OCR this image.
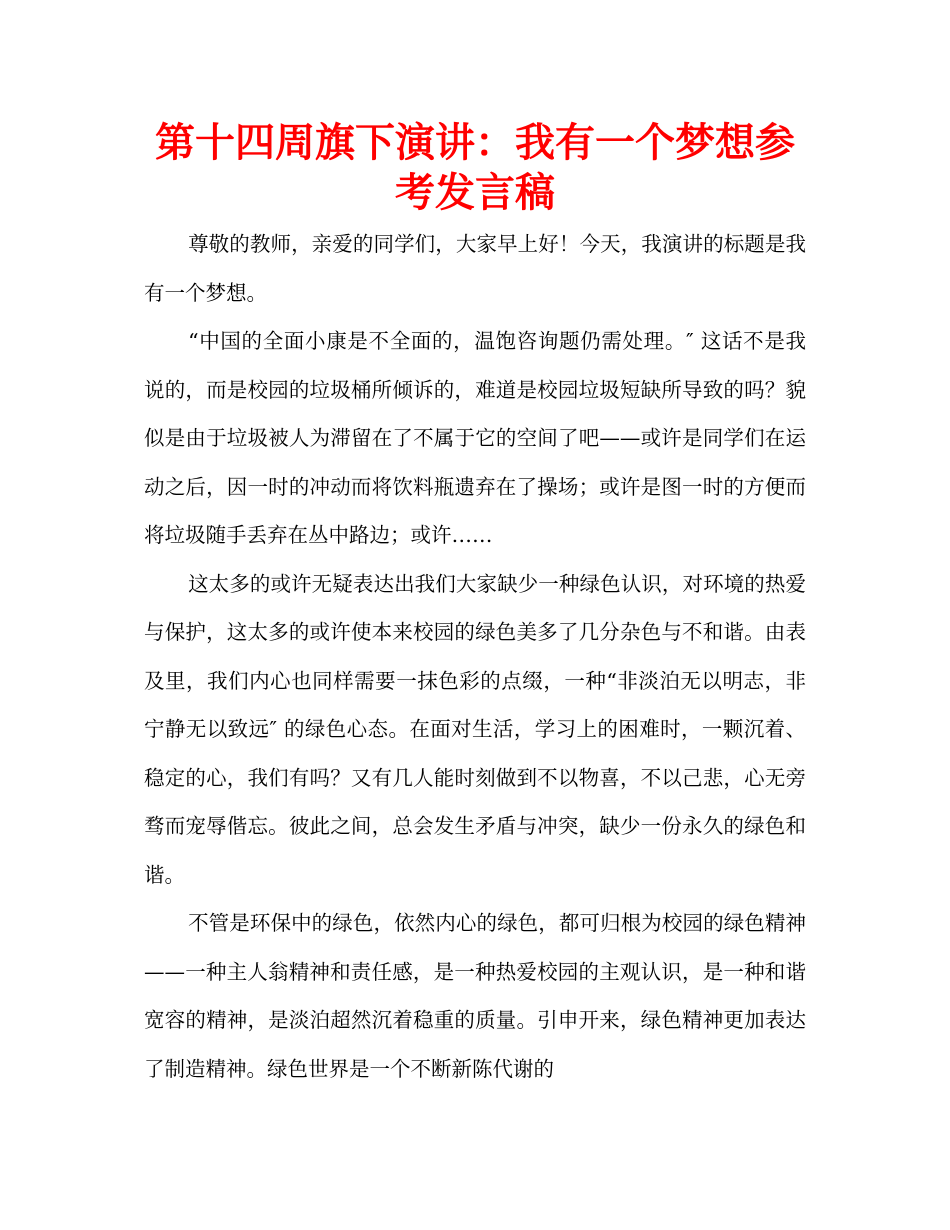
第十四周旗下演讲：我有一个梦想参考发言稿

尊敬的教师，亲爱的同学们，大家早上好！今天，我演讲的标题是我有一个梦想。

“中国的全面小康是不全面的，温饱咨询题仍需处理。″ 这话不是我说的，而是校园的垃圾桶所倾诉的，难道是校园垃圾短缺所导致的吗？貌似是由于垃圾被人为滞留在了不属于它的空间了吧——或许是同学们在运动之后，因一时的冲动而将饮料瓶遗弃在了操场；或许是图一时的方便而将垃圾随手丢弃在丛中路边；或许……

这太多的或许无疑表达出我们大家缺少一种绿色认识，对环境的热爱与保护，这太多的或许使本来校园的绿色美多了几分杂色与不和谐。由表及里，我们内心也同样需要一抹色彩的点缀，一种“非淡泊无以明志，非宁静无以致远″ 的绿色心态。在面对生活，学习上的困难时，一颗沉着、稳定的心，我们有吗？又有几人能时刻做到不以物喜，不以己悲，心无旁骛而宠辱偕忘。彼此之间，总会发生矛盾与冲突，缺少一份永久的绿色和谐。

不管是环保中的绿色，依然内心的绿色，都可归根为校园的绿色精神——一种主人翁精神和责任感，是一种热爱校园的主观认识，是一种和谐宽容的精神，是淡泊超然沉着稳重的质量。引申开来，绿色精神更加表达了制造精神。绿色世界是一个不断新陈代谢的
